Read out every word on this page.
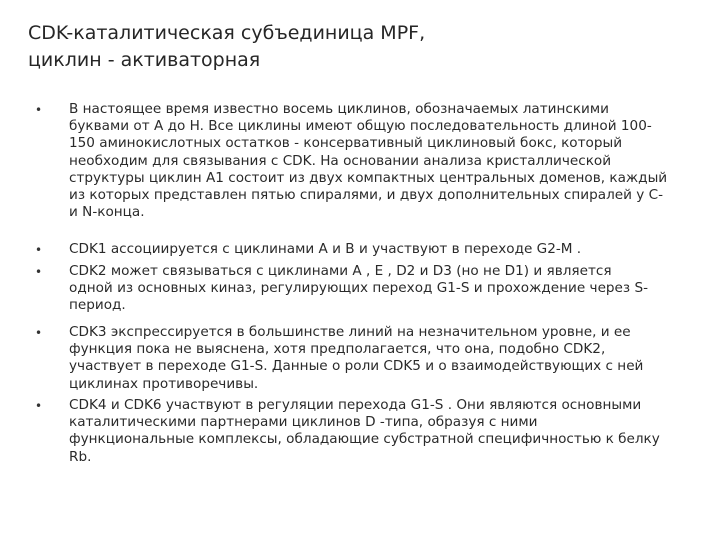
CDK-каталитическая субъединица MPF,
циклин - активаторная
• В настоящее время известно восемь циклинов, обозначаемых латинскими
буквами от A до H. Все циклины имеют общую последовательность длиной 100-
150 аминокислотных остатков - консервативный циклиновый бокс, который
необходим для связывания с CDK. На основании анализа кристаллической
структуры циклин A1 состоит из двух компактных центральных доменов, каждый
из которых представлен пятью спиралями, и двух дополнительных спиралей у C-
и N-конца.
• CDK1 ассоциируется с циклинами А и B и участвуют в переходе G2-M .
• CDK2 может связываться с циклинами А , Е , D2 и D3 (но не D1) и является
одной из основных киназ, регулирующих переход G1-S и прохождение через S-
период.
• CDK3 экспрессируется в большинстве линий на незначительном уровне, и ее
функция пока не выяснена, хотя предполагается, что она, подобно CDK2,
участвует в переходе G1-S. Данные о роли CDK5 и о взаимодействующих с ней
циклинах противоречивы.
• CDK4 и CDK6 участвуют в регуляции перехода G1-S . Они являются основными
каталитическими партнерами циклинов D -типа, образуя с ними
функциональные комплексы, обладающие субстратной специфичностью к белку
Rb.
